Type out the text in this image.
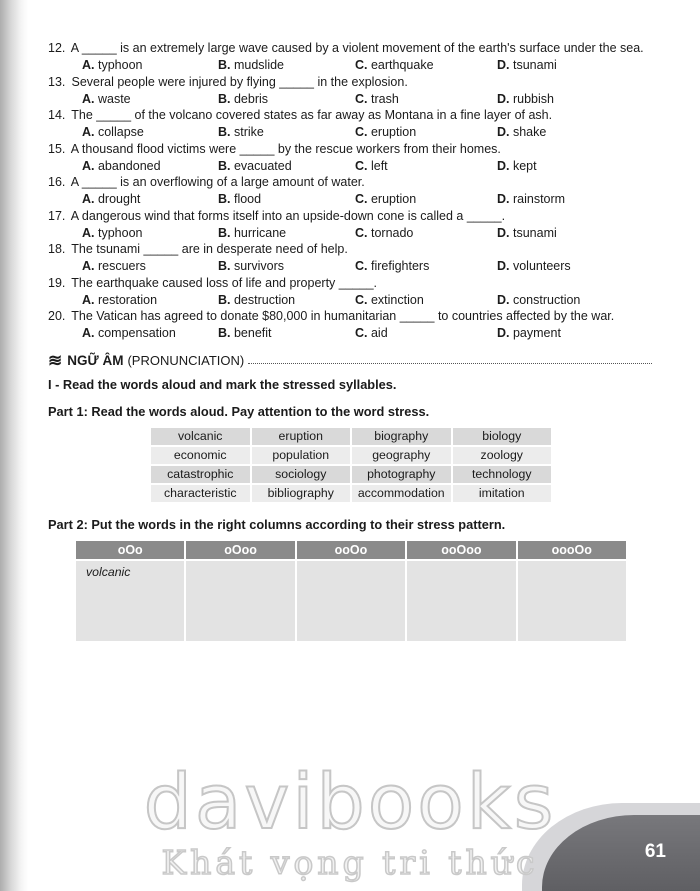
12. A _____ is an extremely large wave caused by a violent movement of the earth's surface under the sea.
A. typhoon	B. mudslide	C. earthquake	D. tsunami
13. Several people were injured by flying _____ in the explosion.
A. waste	B. debris	C. trash	D. rubbish
14. The _____ of the volcano covered states as far away as Montana in a fine layer of ash.
A. collapse	B. strike	C. eruption	D. shake
15. A thousand flood victims were _____ by the rescue workers from their homes.
A. abandoned	B. evacuated	C. left	D. kept
16. A _____ is an overflowing of a large amount of water.
A. drought	B. flood	C. eruption	D. rainstorm
17. A dangerous wind that forms itself into an upside-down cone is called a _____.
A. typhoon	B. hurricane	C. tornado	D. tsunami
18. The tsunami _____ are in desperate need of help.
A. rescuers	B. survivors	C. firefighters	D. volunteers
19. The earthquake caused loss of life and property _____.
A. restoration	B. destruction	C. extinction	D. construction
20. The Vatican has agreed to donate $80,000 in humanitarian _____ to countries affected by the war.
A. compensation	B. benefit	C. aid	D. payment
≋ NGỮ ÂM (PRONUNCIATION)
I - Read the words aloud and mark the stressed syllables.
Part 1: Read the words aloud. Pay attention to the word stress.
volcanic	eruption	biography	biology
economic	population	geography	zoology
catastrophic	sociology	photography	technology
characteristic	bibliography	accommodation	imitation
Part 2: Put the words in the right columns according to their stress pattern.
oOo	oOoo	ooOo	ooOoo	oooOo
volcanic				
davibooks
Khát vọng tri thức	61
